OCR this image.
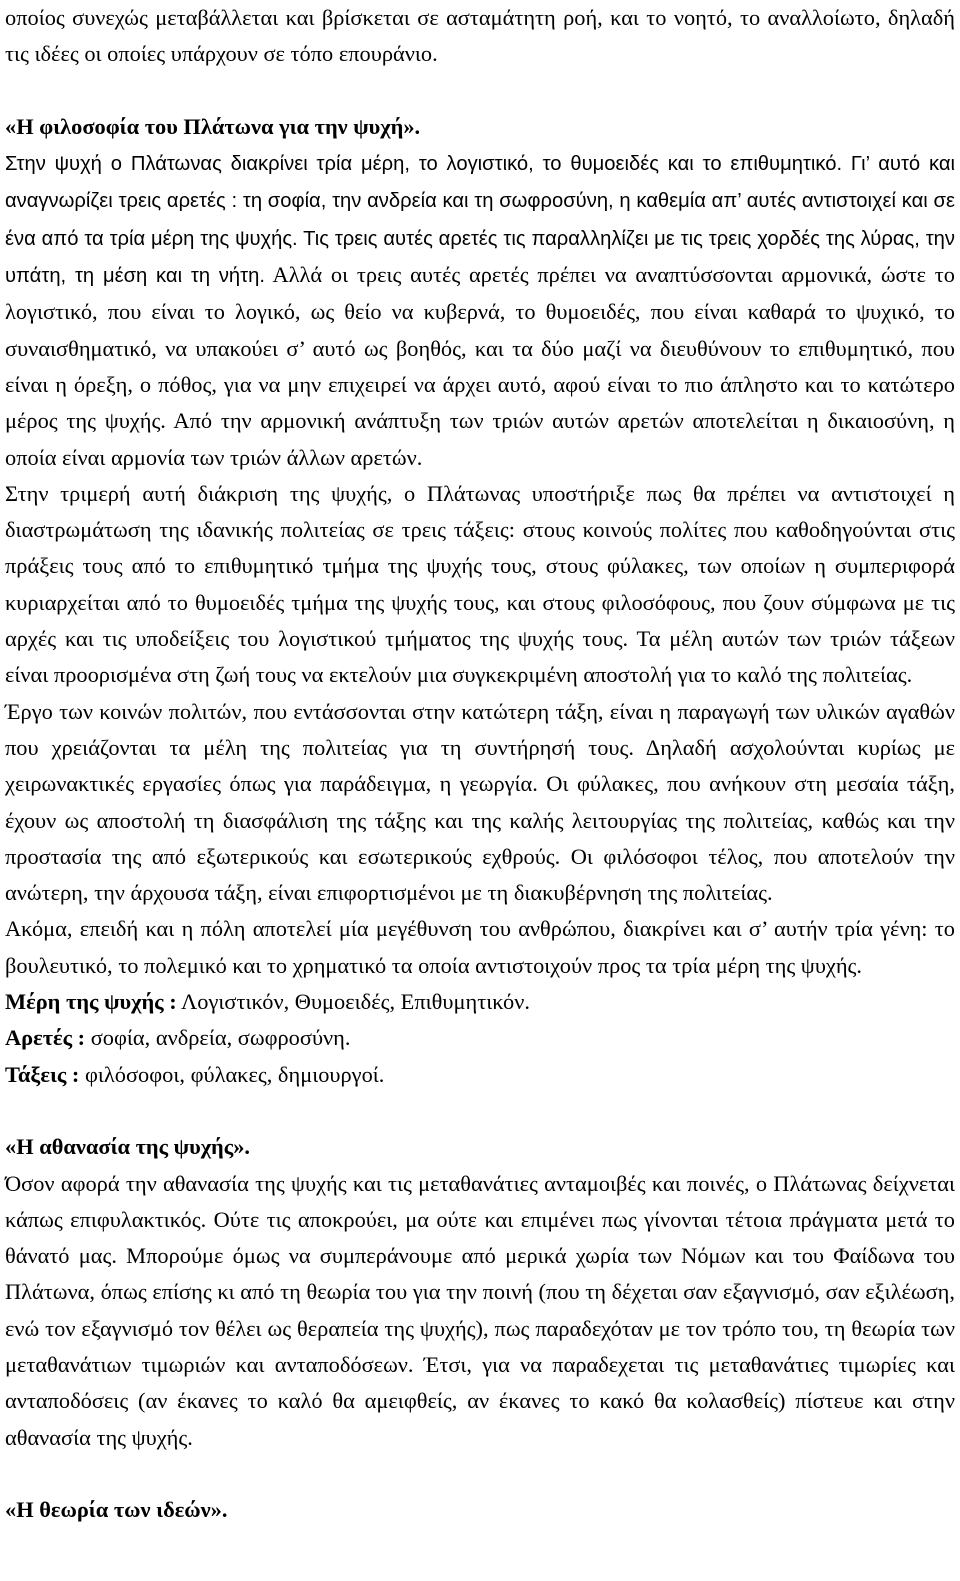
οποίος συνεχώς μεταβάλλεται και βρίσκεται σε ασταμάτητη ροή, και το νοητό, το αναλλοίωτο, δηλαδή τις ιδέες οι οποίες υπάρχουν σε τόπο επουράνιο.

«Η φιλοσοφία του Πλάτωνα για την ψυχή».

Στην ψυχή ο Πλάτωνας διακρίνει τρία μέρη, το λογιστικό, το θυμοειδές και το επιθυμητικό. Γι’ αυτό και αναγνωρίζει τρεις αρετές : τη σοφία, την ανδρεία και τη σωφροσύνη, η καθεμία απ’ αυτές αντιστοιχεί και σε ένα από τα τρία μέρη της ψυχής. Τις τρεις αυτές αρετές τις παραλληλίζει με τις τρεις χορδές της λύρας, την υπάτη, τη μέση και τη νήτη. Αλλά οι τρεις αυτές αρετές πρέπει να αναπτύσσονται αρμονικά, ώστε το λογιστικό, που είναι το λογικό, ως θείο να κυβερνά, το θυμοειδές, που είναι καθαρά το ψυχικό, το συναισθηματικό, να υπακούει σ’ αυτό ως βοηθός, και τα δύο μαζί να διευθύνουν το επιθυμητικό, που είναι η όρεξη, ο πόθος, για να μην επιχειρεί να άρχει αυτό, αφού είναι το πιο άπληστο και το κατώτερο μέρος της ψυχής. Από την αρμονική ανάπτυξη των τριών αυτών αρετών αποτελείται η δικαιοσύνη, η οποία είναι αρμονία των τριών άλλων αρετών.

Στην τριμερή αυτή διάκριση της ψυχής, ο Πλάτωνας υποστήριξε πως θα πρέπει να αντιστοιχεί η διαστρωμάτωση της ιδανικής πολιτείας σε τρεις τάξεις: στους κοινούς πολίτες που καθοδηγούνται στις πράξεις τους από το επιθυμητικό τμήμα της ψυχής τους, στους φύλακες, των οποίων η συμπεριφορά κυριαρχείται από το θυμοειδές τμήμα της ψυχής τους, και στους φιλοσόφους, που ζουν σύμφωνα με τις αρχές και τις υποδείξεις του λογιστικού τμήματος της ψυχής τους. Τα μέλη αυτών των τριών τάξεων είναι προορισμένα στη ζωή τους να εκτελούν μια συγκεκριμένη αποστολή για το καλό της πολιτείας.

Έργο των κοινών πολιτών, που εντάσσονται στην κατώτερη τάξη, είναι η παραγωγή των υλικών αγαθών που χρειάζονται τα μέλη της πολιτείας για τη συντήρησή τους. Δηλαδή ασχολούνται κυρίως με χειρωνακτικές εργασίες όπως για παράδειγμα, η γεωργία. Οι φύλακες, που ανήκουν στη μεσαία τάξη, έχουν ως αποστολή τη διασφάλιση της τάξης και της καλής λειτουργίας της πολιτείας, καθώς και την προστασία της από εξωτερικούς και εσωτερικούς εχθρούς. Οι φιλόσοφοι τέλος, που αποτελούν την ανώτερη, την άρχουσα τάξη, είναι επιφορτισμένοι με τη διακυβέρνηση της πολιτείας.

Ακόμα, επειδή και η πόλη αποτελεί μία μεγέθυνση του ανθρώπου, διακρίνει και σ’ αυτήν τρία γένη: το βουλευτικό, το πολεμικό και το χρηματικό τα οποία αντιστοιχούν προς τα τρία μέρη της ψυχής.

Μέρη της ψυχής : Λογιστικόν, Θυμοειδές, Επιθυμητικόν.

Αρετές : σοφία, ανδρεία, σωφροσύνη.

Τάξεις : φιλόσοφοι, φύλακες, δημιουργοί.

«Η αθανασία της ψυχής».

Όσον αφορά την αθανασία της ψυχής και τις μεταθανάτιες ανταμοιβές και ποινές, ο Πλάτωνας δείχνεται κάπως επιφυλακτικός. Ούτε τις αποκρούει, μα ούτε και επιμένει πως γίνονται τέτοια πράγματα μετά το θάνατό μας. Μπορούμε όμως να συμπεράνουμε από μερικά χωρία των Νόμων και του Φαίδωνα του Πλάτωνα, όπως επίσης κι από τη θεωρία του για την ποινή (που τη δέχεται σαν εξαγνισμό, σαν εξιλέωση, ενώ τον εξαγνισμό τον θέλει ως θεραπεία της ψυχής), πως παραδεχόταν με τον τρόπο του, τη θεωρία των μεταθανάτιων τιμωριών και ανταποδόσεων. Έτσι, για να παραδεχεται τις μεταθανάτιες τιμωρίες και ανταποδόσεις (αν έκανες το καλό θα αμειφθείς, αν έκανες το κακό θα κολασθείς) πίστευε και στην αθανασία της ψυχής.

«Η θεωρία των ιδεών».
